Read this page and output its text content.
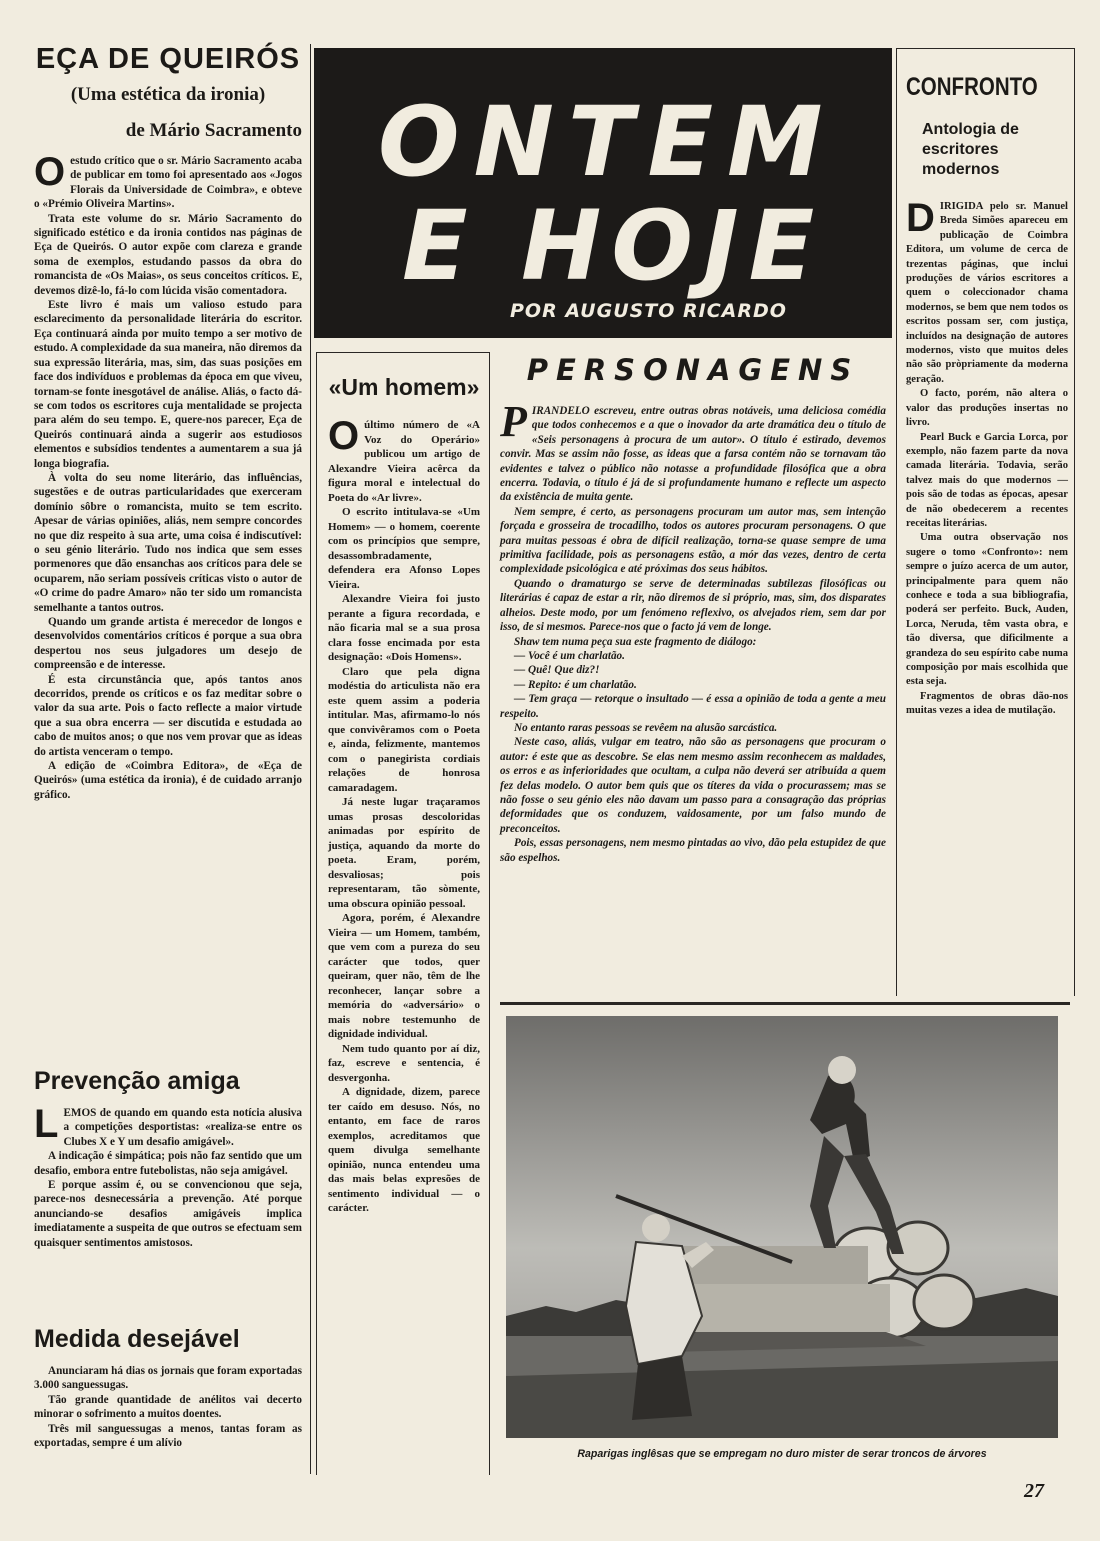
EÇA DE QUEIRÓS
(Uma estética da ironia)
de Mário Sacramento
O estudo crítico que o sr. Mário Sacramento acaba de publicar em tomo foi apresentado aos «Jogos Florais da Universidade de Coimbra», e obteve o «Prémio Oliveira Martins».

Trata este volume do sr. Mário Sacramento do significado estético e da ironia contidos nas páginas de Eça de Queirós. O autor expõe com clareza e grande soma de exemplos, estudando passos da obra do romancista de «Os Maias», os seus conceitos críticos. E, devemos dizê-lo, fá-lo com lúcida visão comentadora.

Este livro é mais um valioso estudo para esclarecimento da personalidade literária do escritor. Eça continuará ainda por muito tempo a ser motivo de estudo. A complexidade da sua maneira, não diremos da sua expressão literária, mas, sim, das suas posições em face dos indivíduos e problemas da época em que viveu, tornam-se fonte inesgotável de análise. Aliás, o facto dá-se com todos os escritores cuja mentalidade se projecta para além do seu tempo. E, quere-nos parecer, Eça de Queirós continuará ainda a sugerir aos estudiosos elementos e subsídios tendentes a aumentarem a sua já longa biografia.

À volta do seu nome literário, das influências, sugestões e de outras particularidades que exerceram domínio sôbre o romancista, muito se tem escrito. Apesar de várias opiniões, aliás, nem sempre concordes no que diz respeito à sua arte, uma coisa é indiscutível: o seu génio literário. Tudo nos indica que sem esses pormenores que dão ensanchas aos críticos para dele se ocuparem, não seriam possíveis críticas visto o autor de «O crime do padre Amaro» não ter sido um romancista semelhante a tantos outros.

Quando um grande artista é merecedor de longos e desenvolvidos comentários críticos é porque a sua obra despertou nos seus julgadores um desejo de compreensão e de interesse.

É esta circunstância que, após tantos anos decorridos, prende os críticos e os faz meditar sobre o valor da sua arte. Pois o facto reflecte a maior virtude que a sua obra encerra — ser discutida e estudada ao cabo de muitos anos; o que nos vem provar que as ideas do artista venceram o tempo.

A edição de «Coimbra Editora», de «Eça de Queirós» (uma estética da ironia), é de cuidado arranjo gráfico.

Prevenção amiga
L EMOS de quando em quando esta notícia alusiva a competições desportistas: «realiza-se entre os Clubes X e Y um desafio amigável».

A indicação é simpática; pois não faz sentido que um desafio, embora entre futebolistas, não seja amigável.

E porque assim é, ou se convencionou que seja, parece-nos desnecessária a prevenção. Até porque anunciando-se desafios amigáveis implica imediatamente a suspeita de que outros se efectuam sem quaisquer sentimentos amistosos.

Medida desejável

Anunciaram há dias os jornais que foram exportadas 3.000 sanguessugas.

Tão grande quantidade de anélitos vai decerto minorar o sofrimento a muitos doentes.

Três mil sanguessugas a menos, tantas foram as exportadas, sempre é um alívio

ONTEM
E HOJE
POR AUGUSTO RICARDO
«Um homem»
O último número de «A Voz do Operário» publicou um artigo de Alexandre Vieira acêrca da figura moral e intelectual do Poeta do «Ar livre».

O escrito intitulava-se «Um Homem» — o homem, coerente com os princípios que sempre, desassombradamente, defendera era Afonso Lopes Vieira.

Alexandre Vieira foi justo perante a figura recordada, e não ficaria mal se a sua prosa clara fosse encimada por esta designação: «Dois Homens».

Claro que pela digna modéstia do articulista não era este quem assim a poderia intitular. Mas, afirmamo-lo nós que convivêramos com o Poeta e, ainda, felizmente, mantemos com o panegirista cordiais relações de honrosa camaradagem.

Já neste lugar traçaramos umas prosas descoloridas animadas por espírito de justiça, aquando da morte do poeta. Eram, porém, desvaliosas; pois representaram, tão sòmente, uma obscura opinião pessoal.

Agora, porém, é Alexandre Vieira — um Homem, também, que vem com a pureza do seu carácter que todos, quer queiram, quer não, têm de lhe reconhecer, lançar sobre a memória do «adversário» o mais nobre testemunho de dignidade individual.

Nem tudo quanto por aí diz, faz, escreve e sentencia, é desvergonha.

A dignidade, dizem, parece ter caído em desuso. Nós, no entanto, em face de raros exemplos, acreditamos que quem divulga semelhante opinião, nunca entendeu uma das mais belas expresões de sentimento individual — o carácter.

PERSONAGENS
P IRANDELO escreveu, entre outras obras notáveis, uma deliciosa comédia que todos conhecemos e a que o inovador da arte dramática deu o título de «Seis personagens à procura de um autor». O título é estirado, devemos convir. Mas se assim não fosse, as ideas que a farsa contém não se tornavam tão evidentes e talvez o público não notasse a profundidade filosófica que a obra encerra. Todavia, o título é já de si profundamente humano e reflecte um aspecto da existência de muita gente.

Nem sempre, é certo, as personagens procuram um autor mas, sem intenção forçada e grosseira de trocadilho, todos os autores procuram personagens. O que para muitas pessoas é obra de difícil realização, torna-se quase sempre de uma primitiva facilidade, pois as personagens estão, a mór das vezes, dentro de certa complexidade psicológica e até próximas dos seus hábitos.

Quando o dramaturgo se serve de determinadas subtilezas filosóficas ou literárias é capaz de estar a rir, não diremos de si próprio, mas, sim, dos disparates alheios. Deste modo, por um fenómeno reflexivo, os alvejados riem, sem dar por isso, de si mesmos. Parece-nos que o facto já vem de longe.

Shaw tem numa peça sua este fragmento de diálogo:

— Você é um charlatão.

— Quê! Que diz?!

— Repito: é um charlatão.

— Tem graça — retorque o insultado — é essa a opinião de toda a gente a meu respeito.

No entanto raras pessoas se revêem na alusão sarcástica.

Neste caso, aliás, vulgar em teatro, não são as personagens que procuram o autor: é este que as descobre. Se elas nem mesmo assim reconhecem as maldades, os erros e as inferioridades que ocultam, a culpa não deverá ser atribuída a quem fez delas modelo. O autor bem quis que os títeres da vida o procurassem; mas se não fosse o seu génio eles não davam um passo para a consagração das próprias deformidades que os conduzem, vaidosamente, por um falso mundo de preconceitos.

Pois, essas personagens, nem mesmo pintadas ao vivo, dão pela estupidez de que são espelhos.

Raparigas inglêsas que se empregam no duro mister de serar troncos de árvores
CONFRONTO
Antologia de escritores modernos
D IRIGIDA pelo sr. Manuel Breda Simões apareceu em publicação de Coimbra Editora, um volume de cerca de trezentas páginas, que inclui produções de vários escritores a quem o coleccionador chama modernos, se bem que nem todos os escritos possam ser, com justiça, incluídos na designação de autores modernos, visto que muitos deles não são pròpriamente da moderna geração.

O facto, porém, não altera o valor das produções insertas no livro.

Pearl Buck e Garcia Lorca, por exemplo, não fazem parte da nova camada literária. Todavia, serão talvez mais do que modernos — pois são de todas as épocas, apesar de não obedecerem a recentes receitas literárias.

Uma outra observação nos sugere o tomo «Confronto»: nem sempre o juízo acerca de um autor, principalmente para quem não conhece e toda a sua bibliografia, poderá ser perfeito. Buck, Auden, Lorca, Neruda, têm vasta obra, e tão diversa, que dificilmente a grandeza do seu espírito cabe numa composição por mais escolhida que esta seja.

Fragmentos de obras dão-nos muitas vezes a idea de mutilação.

27
